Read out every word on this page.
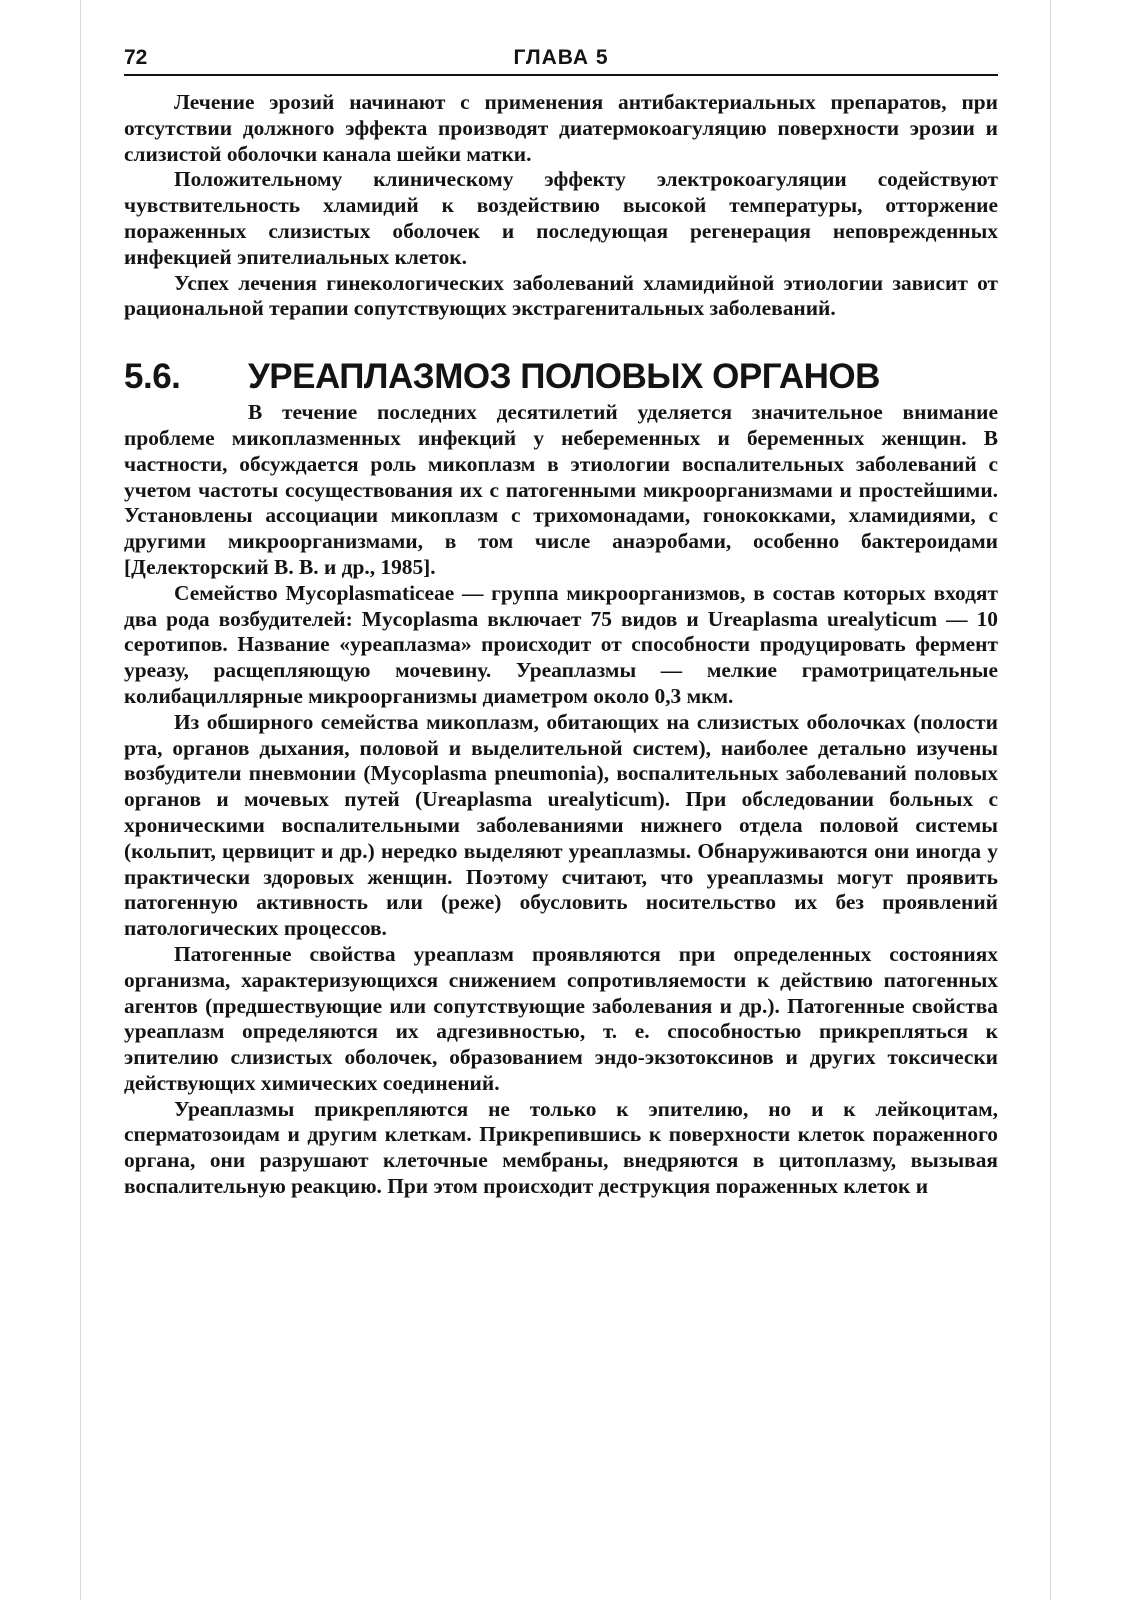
72	ГЛАВА 5

Лечение эрозий начинают с применения антибактериальных препаратов, при отсутствии должного эффекта производят диатермокоагуляцию поверхности эрозии и слизистой оболочки канала шейки матки.

Положительному клиническому эффекту электрокоагуляции содействуют чувствительность хламидий к воздействию высокой температуры, отторжение пораженных слизистых оболочек и последующая регенерация неповрежденных инфекцией эпителиальных клеток.

Успех лечения гинекологических заболеваний хламидийной этиологии зависит от рациональной терапии сопутствующих экстрагенитальных заболеваний.

5.6.	УРЕАПЛАЗМОЗ ПОЛОВЫХ ОРГАНОВ

В течение последних десятилетий уделяется значительное внимание проблеме микоплазменных инфекций у небеременных и беременных женщин. В частности, обсуждается роль микоплазм в этиологии воспалительных заболеваний с учетом частоты сосуществования их с патогенными микроорганизмами и простейшими. Установлены ассоциации микоплазм с трихомонадами, гонококками, хламидиями, с другими микроорганизмами, в том числе анаэробами, особенно бактероидами [Делекторский В. В. и др., 1985].

Семейство Mycoplasmaticeae — группа микроорганизмов, в состав которых входят два рода возбудителей: Mycoplasma включает 75 видов и Ureaplasma urealyticum — 10 серотипов. Название «уреаплазма» происходит от способности продуцировать фермент уреазу, расщепляющую мочевину. Уреаплазмы — мелкие грамотрицательные колибациллярные микроорганизмы диаметром около 0,3 мкм.

Из обширного семейства микоплазм, обитающих на слизистых оболочках (полости рта, органов дыхания, половой и выделительной систем), наиболее детально изучены возбудители пневмонии (Mycoplasma pneumonia), воспалительных заболеваний половых органов и мочевых путей (Ureaplasma urealyticum). При обследовании больных с хроническими воспалительными заболеваниями нижнего отдела половой системы (кольпит, цервицит и др.) нередко выделяют уреаплазмы. Обнаруживаются они иногда у практически здоровых женщин. Поэтому считают, что уреаплазмы могут проявить патогенную активность или (реже) обусловить носительство их без проявлений патологических процессов.

Патогенные свойства уреаплазм проявляются при определенных состояниях организма, характеризующихся снижением сопротивляемости к действию патогенных агентов (предшествующие или сопутствующие заболевания и др.). Патогенные свойства уреаплазм определяются их адгезивностью, т. е. способностью прикрепляться к эпителию слизистых оболочек, образованием эндо-экзотоксинов и других токсически действующих химических соединений.

Уреаплазмы прикрепляются не только к эпителию, но и к лейкоцитам, сперматозоидам и другим клеткам. Прикрепившись к поверхности клеток пораженного органа, они разрушают клеточные мембраны, внедряются в цитоплазму, вызывая воспалительную реакцию. При этом происходит деструкция пораженных клеток и
